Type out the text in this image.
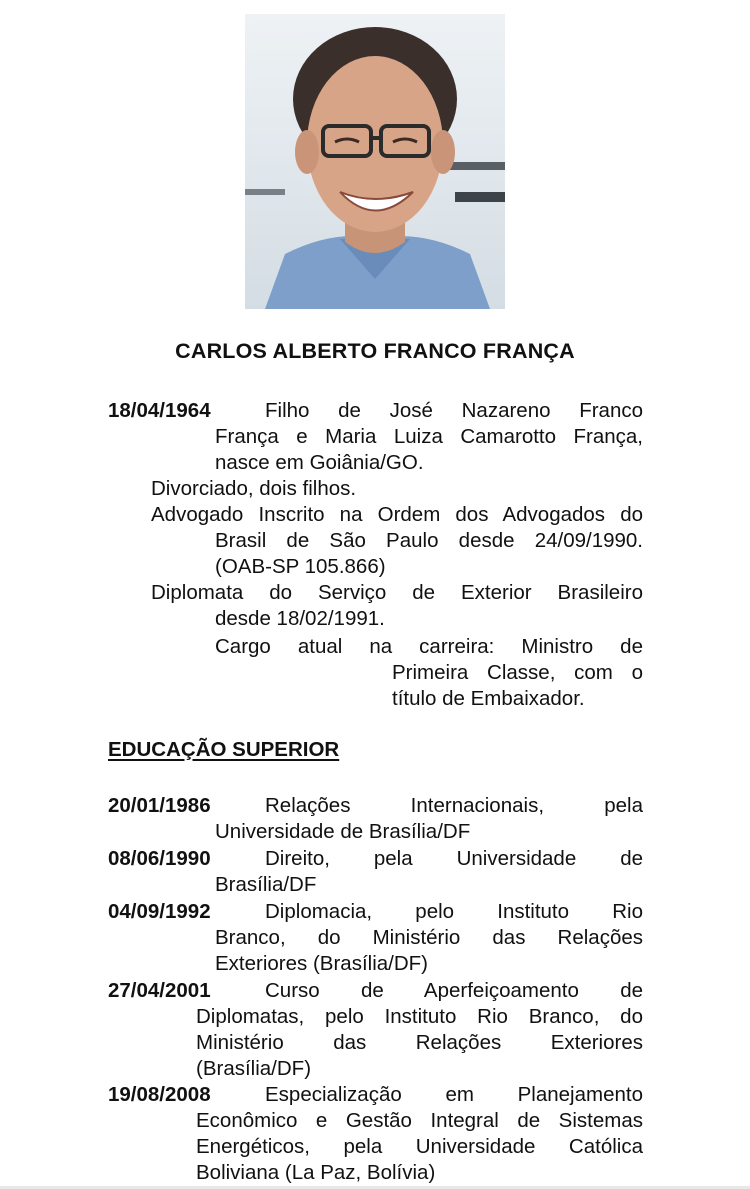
CARLOS ALBERTO FRANCO FRANÇA
18/04/1964	Filho de José Nazareno Franco
França e Maria Luiza Camarotto França,
nasce em Goiânia/GO.
Divorciado, dois filhos.
Advogado Inscrito na Ordem dos Advogados do
Brasil de São Paulo desde 24/09/1990.
(OAB-SP 105.866)
Diplomata do Serviço de Exterior Brasileiro
desde 18/02/1991.
Cargo atual na carreira: Ministro de
Primeira Classe, com o
título de Embaixador.
EDUCAÇÃO SUPERIOR
20/01/1986	Relações Internacionais, pela
Universidade de Brasília/DF
08/06/1990	Direito, pela Universidade de
Brasília/DF
04/09/1992	Diplomacia, pelo Instituto Rio
Branco, do Ministério das Relações
Exteriores (Brasília/DF)
27/04/2001	Curso de Aperfeiçoamento de
Diplomatas, pelo Instituto Rio Branco, do
Ministério das Relações Exteriores
(Brasília/DF)
19/08/2008	Especialização em Planejamento
Econômico e Gestão Integral de Sistemas
Energéticos, pela Universidade Católica
Boliviana (La Paz, Bolívia)
